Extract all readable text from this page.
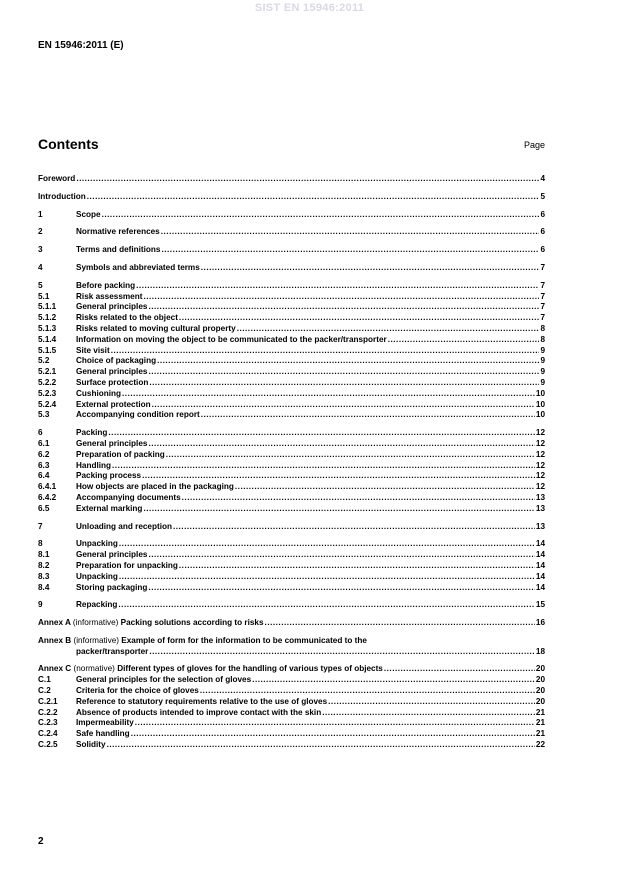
SIST EN 15946:2011
EN 15946:2011 (E)
Contents	Page
Foreword .....	4
Introduction .....	5
1	Scope .....	6
2	Normative references .....	6
3	Terms and definitions .....	6
4	Symbols and abbreviated terms .....	7
5	Before packing .....	7
5.1	Risk assessment .....	7
5.1.1	General principles .....	7
5.1.2	Risks related to the object .....	7
5.1.3	Risks related to moving cultural property .....	8
5.1.4	Information on moving the object to be communicated to the packer/transporter .....	8
5.1.5	Site visit .....	9
5.2	Choice of packaging .....	9
5.2.1	General principles .....	9
5.2.2	Surface protection .....	9
5.2.3	Cushioning .....	10
5.2.4	External protection .....	10
5.3	Accompanying condition report .....	10
6	Packing .....	12
6.1	General principles .....	12
6.2	Preparation of packing .....	12
6.3	Handling .....	12
6.4	Packing process .....	12
6.4.1	How objects are placed in the packaging .....	12
6.4.2	Accompanying documents .....	13
6.5	External marking .....	13
7	Unloading and reception .....	13
8	Unpacking .....	14
8.1	General principles .....	14
8.2	Preparation for unpacking .....	14
8.3	Unpacking .....	14
8.4	Storing packaging .....	14
9	Repacking .....	15
Annex A (informative) Packing solutions according to risks .....	16
Annex B (informative) Example of form for the information to be communicated to the
packer/transporter .....	18
Annex C (normative) Different types of gloves for the handling of various types of objects .....	20
C.1	General principles for the selection of gloves .....	20
C.2	Criteria for the choice of gloves .....	20
C.2.1	Reference to statutory requirements relative to the use of gloves .....	20
C.2.2	Absence of products intended to improve contact with the skin .....	21
C.2.3	Impermeability .....	21
C.2.4	Safe handling .....	21
C.2.5	Solidity .....	22
2
